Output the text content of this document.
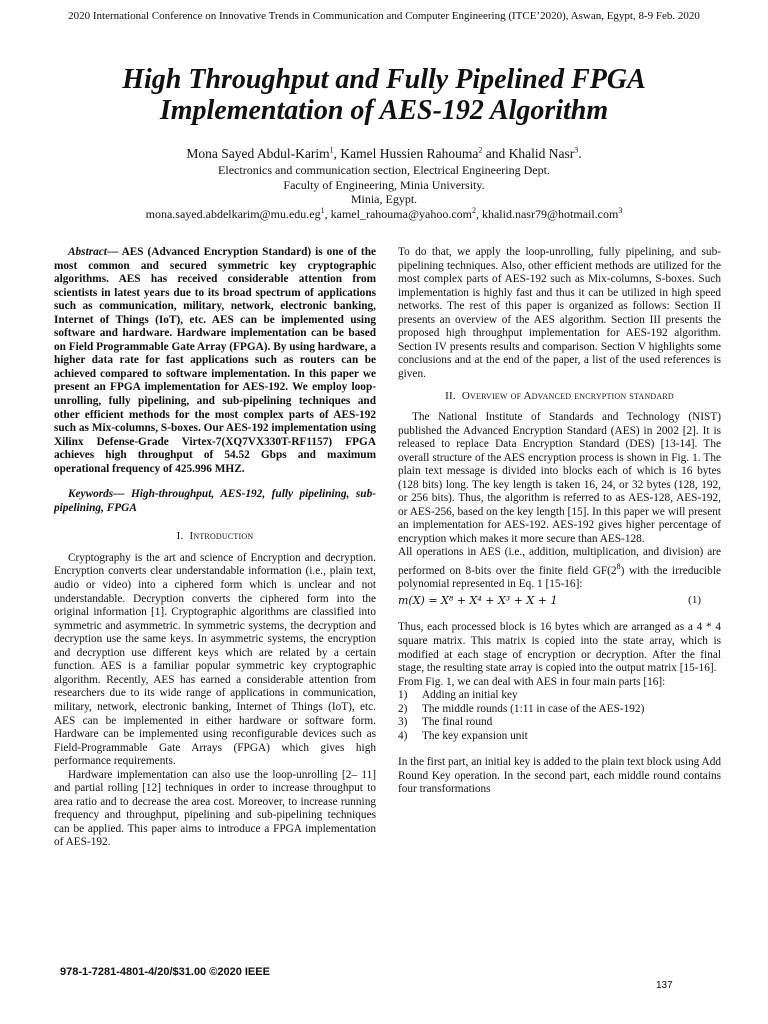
2020 International Conference on Innovative Trends in Communication and Computer Engineering (ITCE’2020), Aswan, Egypt, 8-9 Feb. 2020
High Throughput and Fully Pipelined FPGA
Implementation of AES-192 Algorithm
Mona Sayed Abdul-Karim$^1$, Kamel Hussien Rahouma$^2$ and Khalid Nasr$^3$.
Electronics and communication section, Electrical Engineering Dept.
Faculty of Engineering, Minia University.
Minia, Egypt.
$mona.sayed.abdelkarim@mu.edu.eg^1$, kamel_rahouma@yahoo.com$^2$, khalid.nasr79@hotmail.com$^3$

Abstract— AES (Advanced Encryption Standard) is one of the most common and secured symmetric key cryptographic algorithms. AES has received considerable attention from scientists in latest years due to its broad spectrum of applications such as communication, military, network, electronic banking, Internet of Things (IoT), etc. AES can be implemented using software and hardware. Hardware implementation can be based on Field Programmable Gate Array (FPGA). By using hardware, a higher data rate for fast applications such as routers can be achieved compared to software implementation. In this paper we present an FPGA implementation for AES-192. We employ loop-unrolling, fully pipelining, and sub-pipelining techniques and other efficient methods for the most complex parts of AES-192 such as Mix-columns, S-boxes. Our AES-192 implementation using Xilinx Defense-Grade Virtex-7(XQ7VX330T-RF1157) FPGA achieves high throughput of 54.52 Gbps and maximum operational frequency of 425.996 MHZ.

Keywords— High-throughput, AES-192, fully pipelining, sub-pipelining, FPGA

I. Introduction

Cryptography is the art and science of Encryption and decryption. Encryption converts clear understandable information (i.e., plain text, audio or video) into a ciphered form which is unclear and not understandable. Decryption converts the ciphered form into the original information [1]. Cryptographic algorithms are classified into symmetric and asymmetric. In symmetric systems, the decryption and decryption use the same keys. In asymmetric systems, the encryption and decryption use different keys which are related by a certain function. AES is a familiar popular symmetric key cryptographic algorithm. Recently, AES has earned a considerable attention from researchers due to its wide range of applications in communication, military, network, electronic banking, Internet of Things (IoT), etc. AES can be implemented in either hardware or software form. Hardware can be implemented using reconfigurable devices such as Field-Programmable Gate Arrays (FPGA) which gives high performance requirements.

Hardware implementation can also use the loop-unrolling [2– 11] and partial rolling [12] techniques in order to increase throughput to area ratio and to decrease the area cost. Moreover, to increase running frequency and throughput, pipelining and sub-pipelining techniques can be applied. This paper aims to introduce a FPGA implementation of AES-192.

To do that, we apply the loop-unrolling, fully pipelining, and sub-pipelining techniques. Also, other efficient methods are utilized for the most complex parts of AES-192 such as Mix-columns, S-boxes. Such implementation is highly fast and thus it can be utilized in high speed networks. The rest of this paper is organized as follows: Section II presents an overview of the AES algorithm. Section III presents the proposed high throughput implementation for AES-192 algorithm. Section IV presents results and comparison. Section V highlights some conclusions and at the end of the paper, a list of the used references is given.

II. Overview of Advanced encryption standard

The National Institute of Standards and Technology (NIST) published the Advanced Encryption Standard (AES) in 2002 [2]. It is released to replace Data Encryption Standard (DES) [13-14]. The overall structure of the AES encryption process is shown in Fig. 1. The plain text message is divided into blocks each of which is 16 bytes (128 bits) long. The key length is taken 16, 24, or 32 bytes (128, 192, or 256 bits). Thus, the algorithm is referred to as AES-128, AES-192, or AES-256, based on the key length [15]. In this paper we will present an implementation for AES-192. AES-192 gives higher percentage of encryption which makes it more secure than AES-128.

All operations in AES (i.e., addition, multiplication, and division) are performed on 8-bits over the finite field $GF(2^8)$ with the irreducible polynomial represented in Eq. 1 [15-16]:

m(X) = X⁸ + X⁴ + X³ + X + 1	(1)

Thus, each processed block is 16 bytes which are arranged as a 4 * 4 square matrix. This matrix is copied into the state array, which is modified at each stage of encryption or decryption. After the final stage, the resulting state array is copied into the output matrix [15-16].

From Fig. 1, we can deal with AES in four main parts [16]:

1)	Adding an initial key
2)	The middle rounds (1:11 in case of the AES-192)
3)	The final round
4)	The key expansion unit

In the first part, an initial key is added to the plain text block using Add Round Key operation. In the second part, each middle round contains four transformations

978-1-7281-4801-4/20/$31.00 ©2020 IEEE
137
